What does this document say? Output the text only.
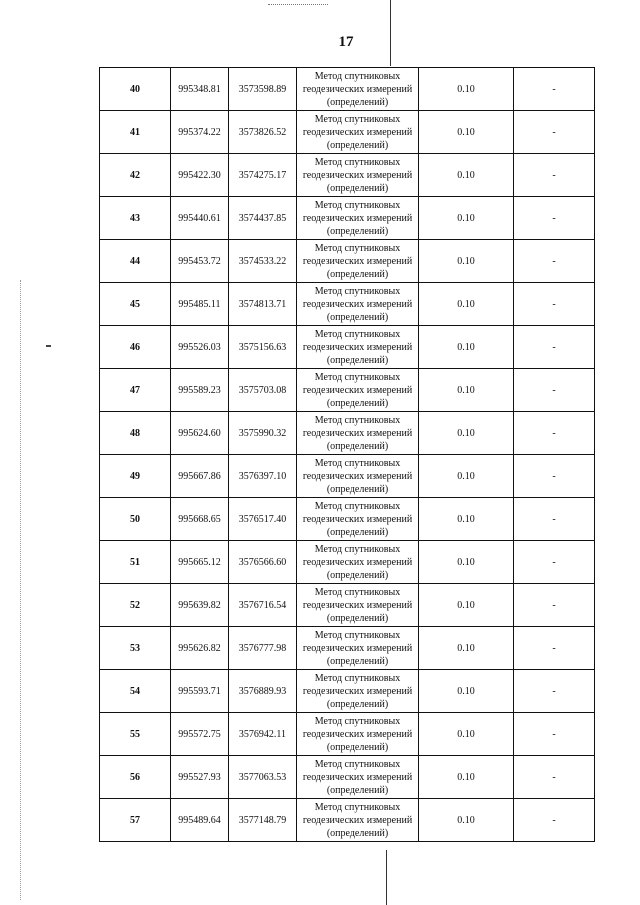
17
40	995348.81	3573598.89	Метод спутниковых
геодезических измерений
(определений)	0.10	-
41	995374.22	3573826.52	Метод спутниковых
геодезических измерений
(определений)	0.10	-
42	995422.30	3574275.17	Метод спутниковых
геодезических измерений
(определений)	0.10	-
43	995440.61	3574437.85	Метод спутниковых
геодезических измерений
(определений)	0.10	-
44	995453.72	3574533.22	Метод спутниковых
геодезических измерений
(определений)	0.10	-
45	995485.11	3574813.71	Метод спутниковых
геодезических измерений
(определений)	0.10	-
46	995526.03	3575156.63	Метод спутниковых
геодезических измерений
(определений)	0.10	-
47	995589.23	3575703.08	Метод спутниковых
геодезических измерений
(определений)	0.10	-
48	995624.60	3575990.32	Метод спутниковых
геодезических измерений
(определений)	0.10	-
49	995667.86	3576397.10	Метод спутниковых
геодезических измерений
(определений)	0.10	-
50	995668.65	3576517.40	Метод спутниковых
геодезических измерений
(определений)	0.10	-
51	995665.12	3576566.60	Метод спутниковых
геодезических измерений
(определений)	0.10	-
52	995639.82	3576716.54	Метод спутниковых
геодезических измерений
(определений)	0.10	-
53	995626.82	3576777.98	Метод спутниковых
геодезических измерений
(определений)	0.10	-
54	995593.71	3576889.93	Метод спутниковых
геодезических измерений
(определений)	0.10	-
55	995572.75	3576942.11	Метод спутниковых
геодезических измерений
(определений)	0.10	-
56	995527.93	3577063.53	Метод спутниковых
геодезических измерений
(определений)	0.10	-
57	995489.64	3577148.79	Метод спутниковых
геодезических измерений
(определений)	0.10	-
